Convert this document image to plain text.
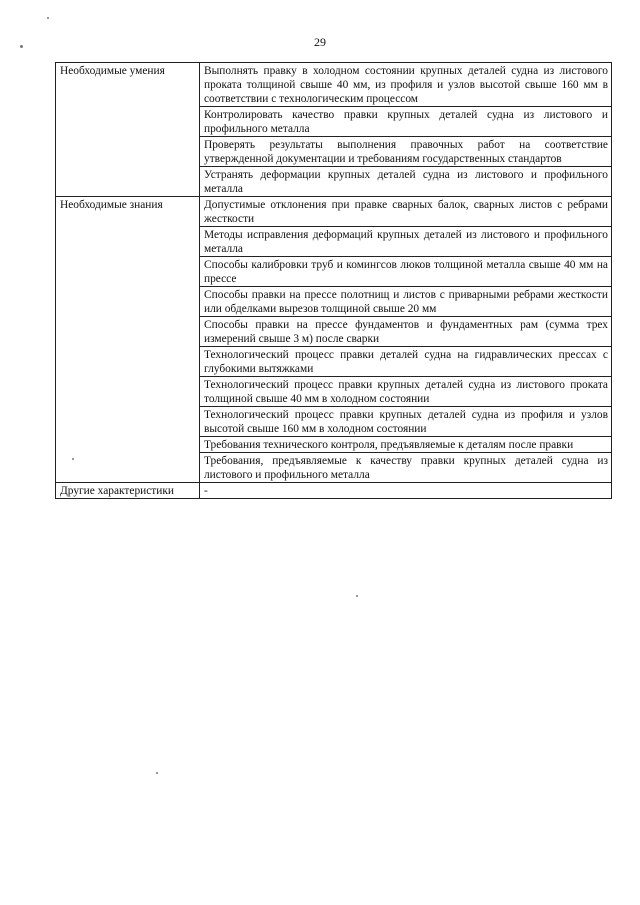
29
Необходимые умения	Выполнять правку в холодном состоянии крупных деталей судна из листового проката толщиной свыше 40 мм, из профиля и узлов высотой свыше 160 мм в соответствии с технологическим процессом
	Контролировать качество правки крупных деталей судна из листового и профильного металла
	Проверять результаты выполнения правочных работ на соответствие утвержденной документации и требованиям государственных стандартов
	Устранять деформации крупных деталей судна из листового и профильного металла
Необходимые знания	Допустимые отклонения при правке сварных балок, сварных листов с ребрами жесткости
	Методы исправления деформаций крупных деталей из листового и профильного металла
	Способы калибровки труб и комингсов люков толщиной металла свыше 40 мм на прессе
	Способы правки на прессе полотнищ и листов с приварными ребрами жесткости или обделками вырезов толщиной свыше 20 мм
	Способы правки на прессе фундаментов и фундаментных рам (сумма трех измерений свыше 3 м) после сварки
	Технологический процесс правки деталей судна на гидравлических прессах с глубокими вытяжками
	Технологический процесс правки крупных деталей судна из листового проката толщиной свыше 40 мм в холодном состоянии
	Технологический процесс правки крупных деталей судна из профиля и узлов высотой свыше 160 мм в холодном состоянии
	Требования технического контроля, предъявляемые к деталям после правки
	Требования, предъявляемые к качеству правки крупных деталей судна из листового и профильного металла
Другие характеристики	-
